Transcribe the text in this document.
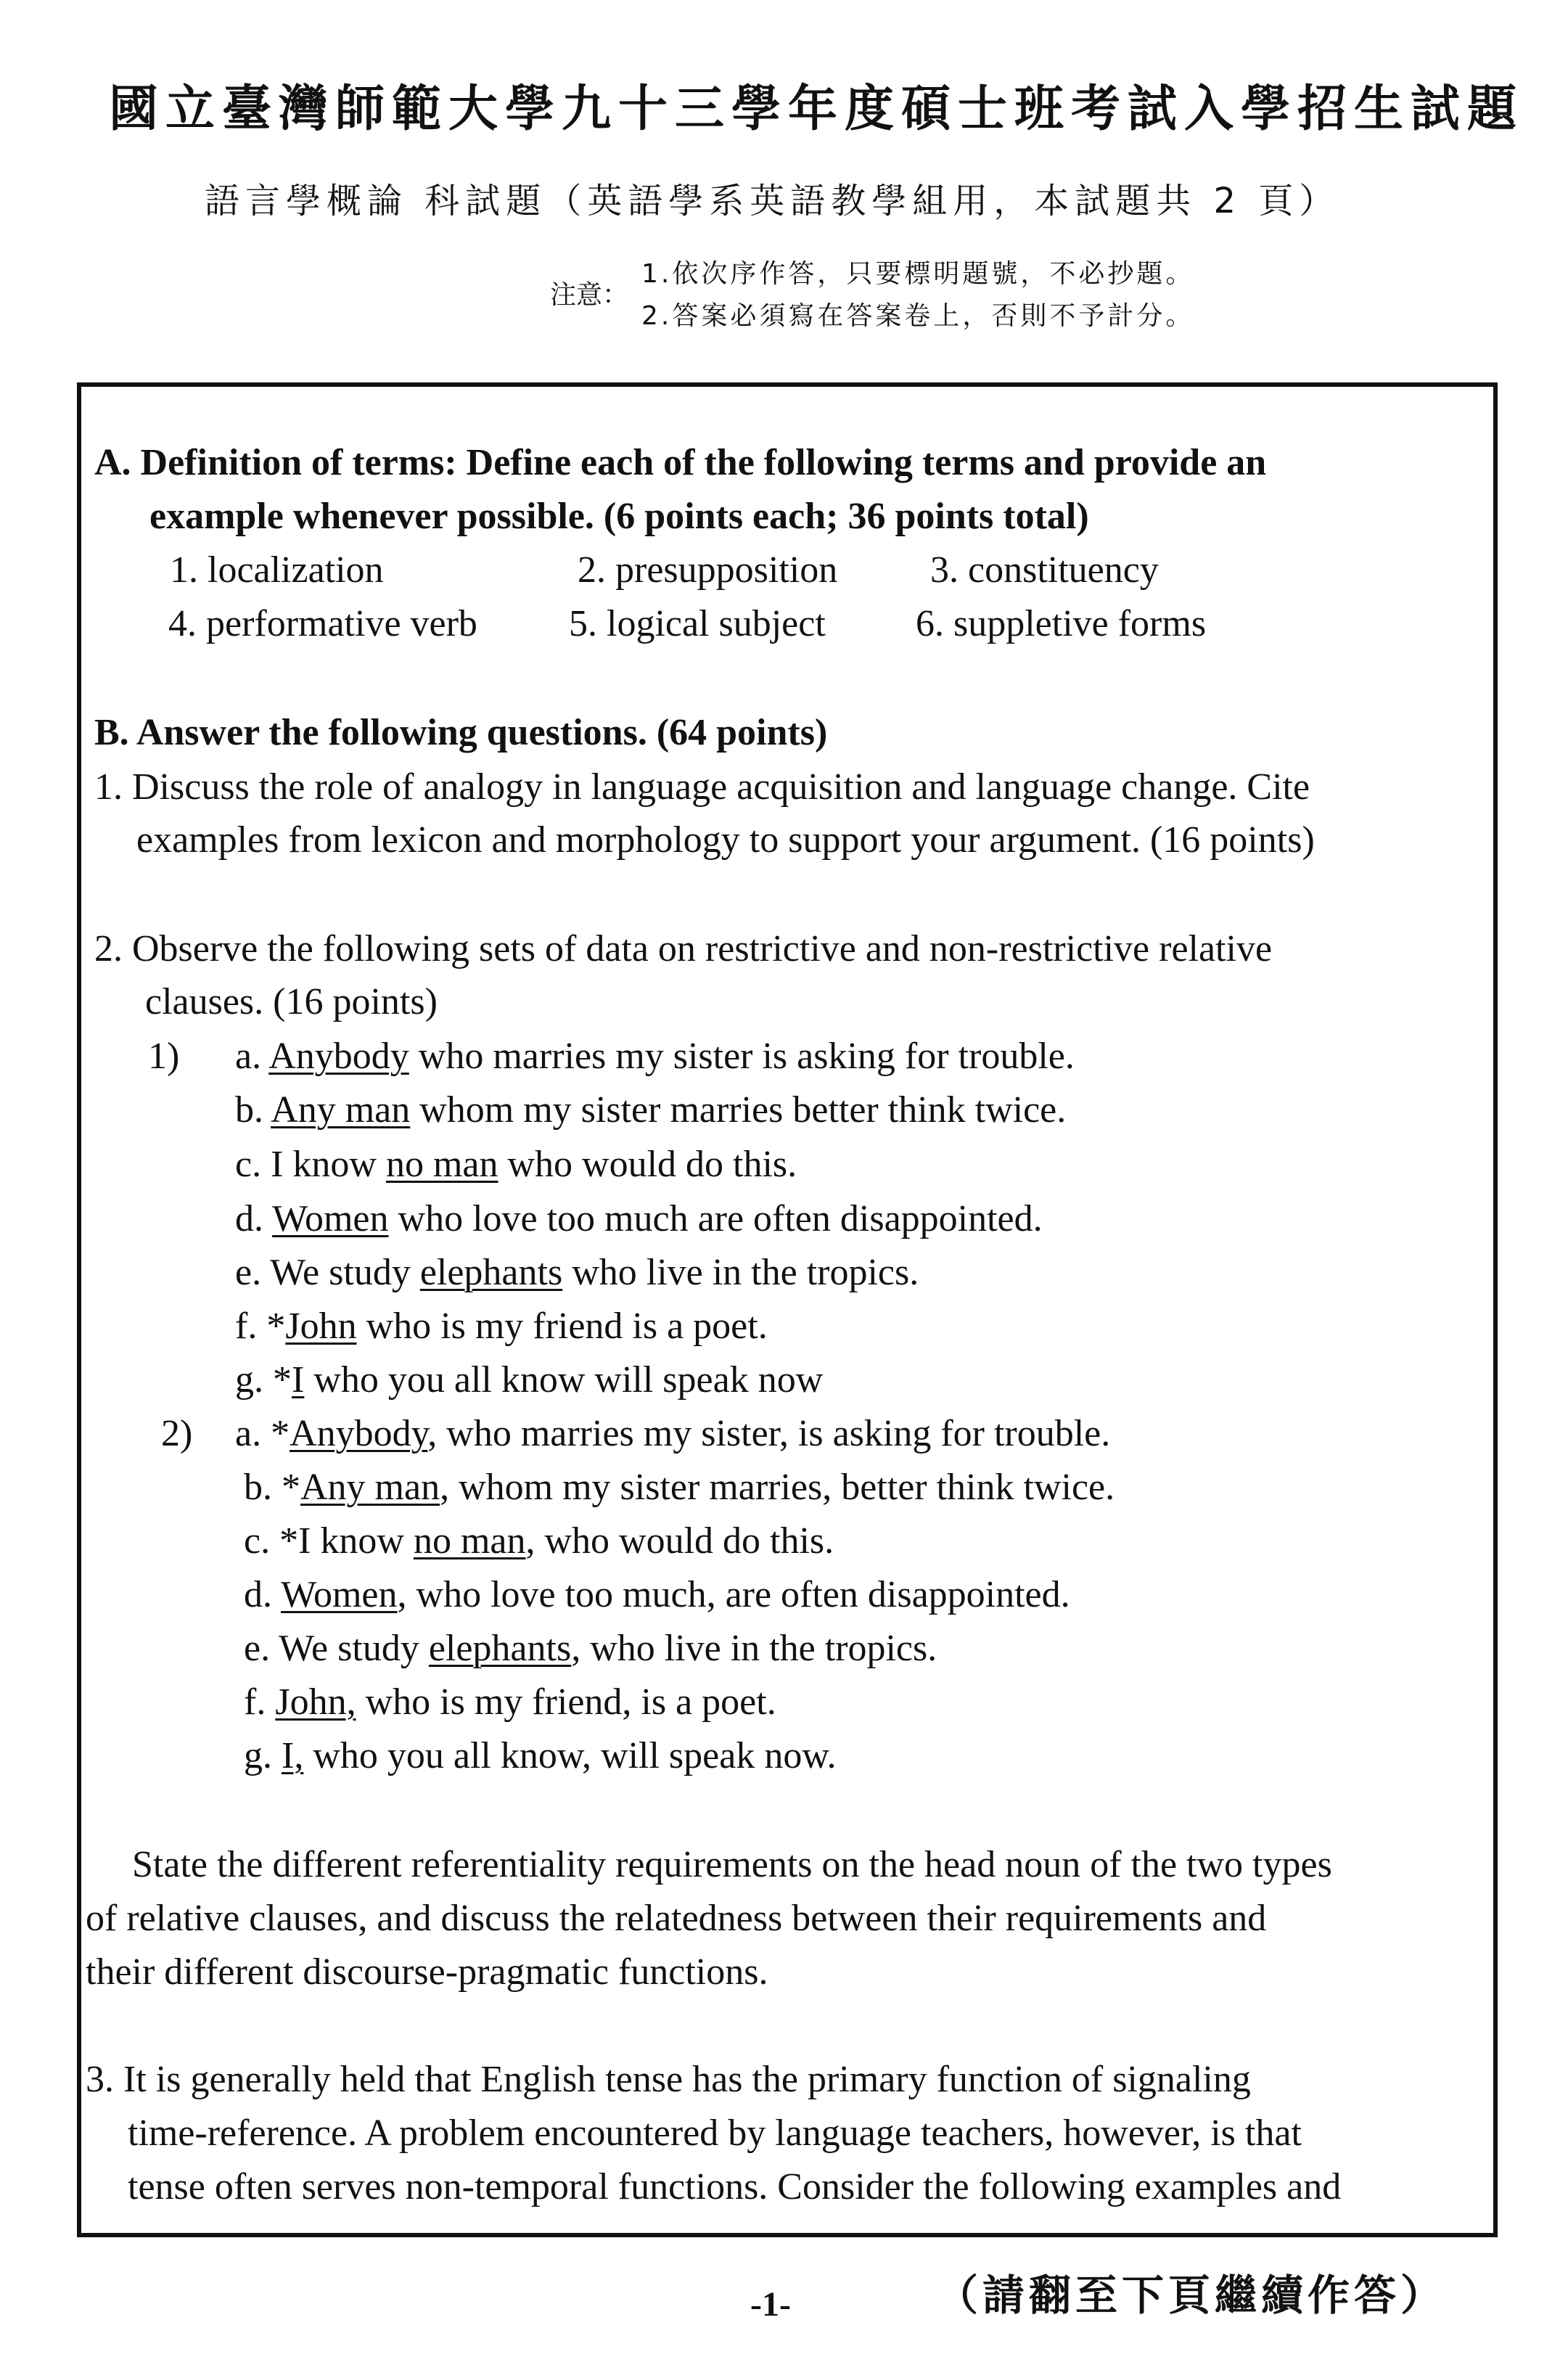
國立臺灣師範大學九十三學年度碩士班考試入學招生試題
語言學概論 科試題（英語學系英語教學組用，本試題共 2 頁）
注意：
1.依次序作答，只要標明題號，不必抄題。
2.答案必須寫在答案卷上，否則不予計分。
A. Definition of terms: Define each of the following terms and provide an
example whenever possible. (6 points each; 36 points total)
1. localization	2. presupposition 3. constituency
4. performative verb 5. logical subject 6. suppletive forms
B. Answer the following questions. (64 points)
1. Discuss the role of analogy in language acquisition and language change. Cite
examples from lexicon and morphology to support your argument. (16 points)
2. Observe the following sets of data on restrictive and non-restrictive relative
clauses. (16 points)
1) a. Anybody who marries my sister is asking for trouble.
b. Any man whom my sister marries better think twice.
c. I know no man who would do this.
d. Women who love too much are often disappointed.
e. We study elephants who live in the tropics.
f. *John who is my friend is a poet.
g. *I who you all know will speak now
2) a. *Anybody, who marries my sister, is asking for trouble.
b. *Any man, whom my sister marries, better think twice.
c. *I know no man, who would do this.
d. Women, who love too much, are often disappointed.
e. We study elephants, who live in the tropics.
f. John, who is my friend, is a poet.
g. I, who you all know, will speak now.
State the different referentiality requirements on the head noun of the two types
of relative clauses, and discuss the relatedness between their requirements and
their different discourse-pragmatic functions.
3. It is generally held that English tense has the primary function of signaling
time-reference. A problem encountered by language teachers, however, is that
tense often serves non-temporal functions. Consider the following examples and
-1-	（請翻至下頁繼續作答）
